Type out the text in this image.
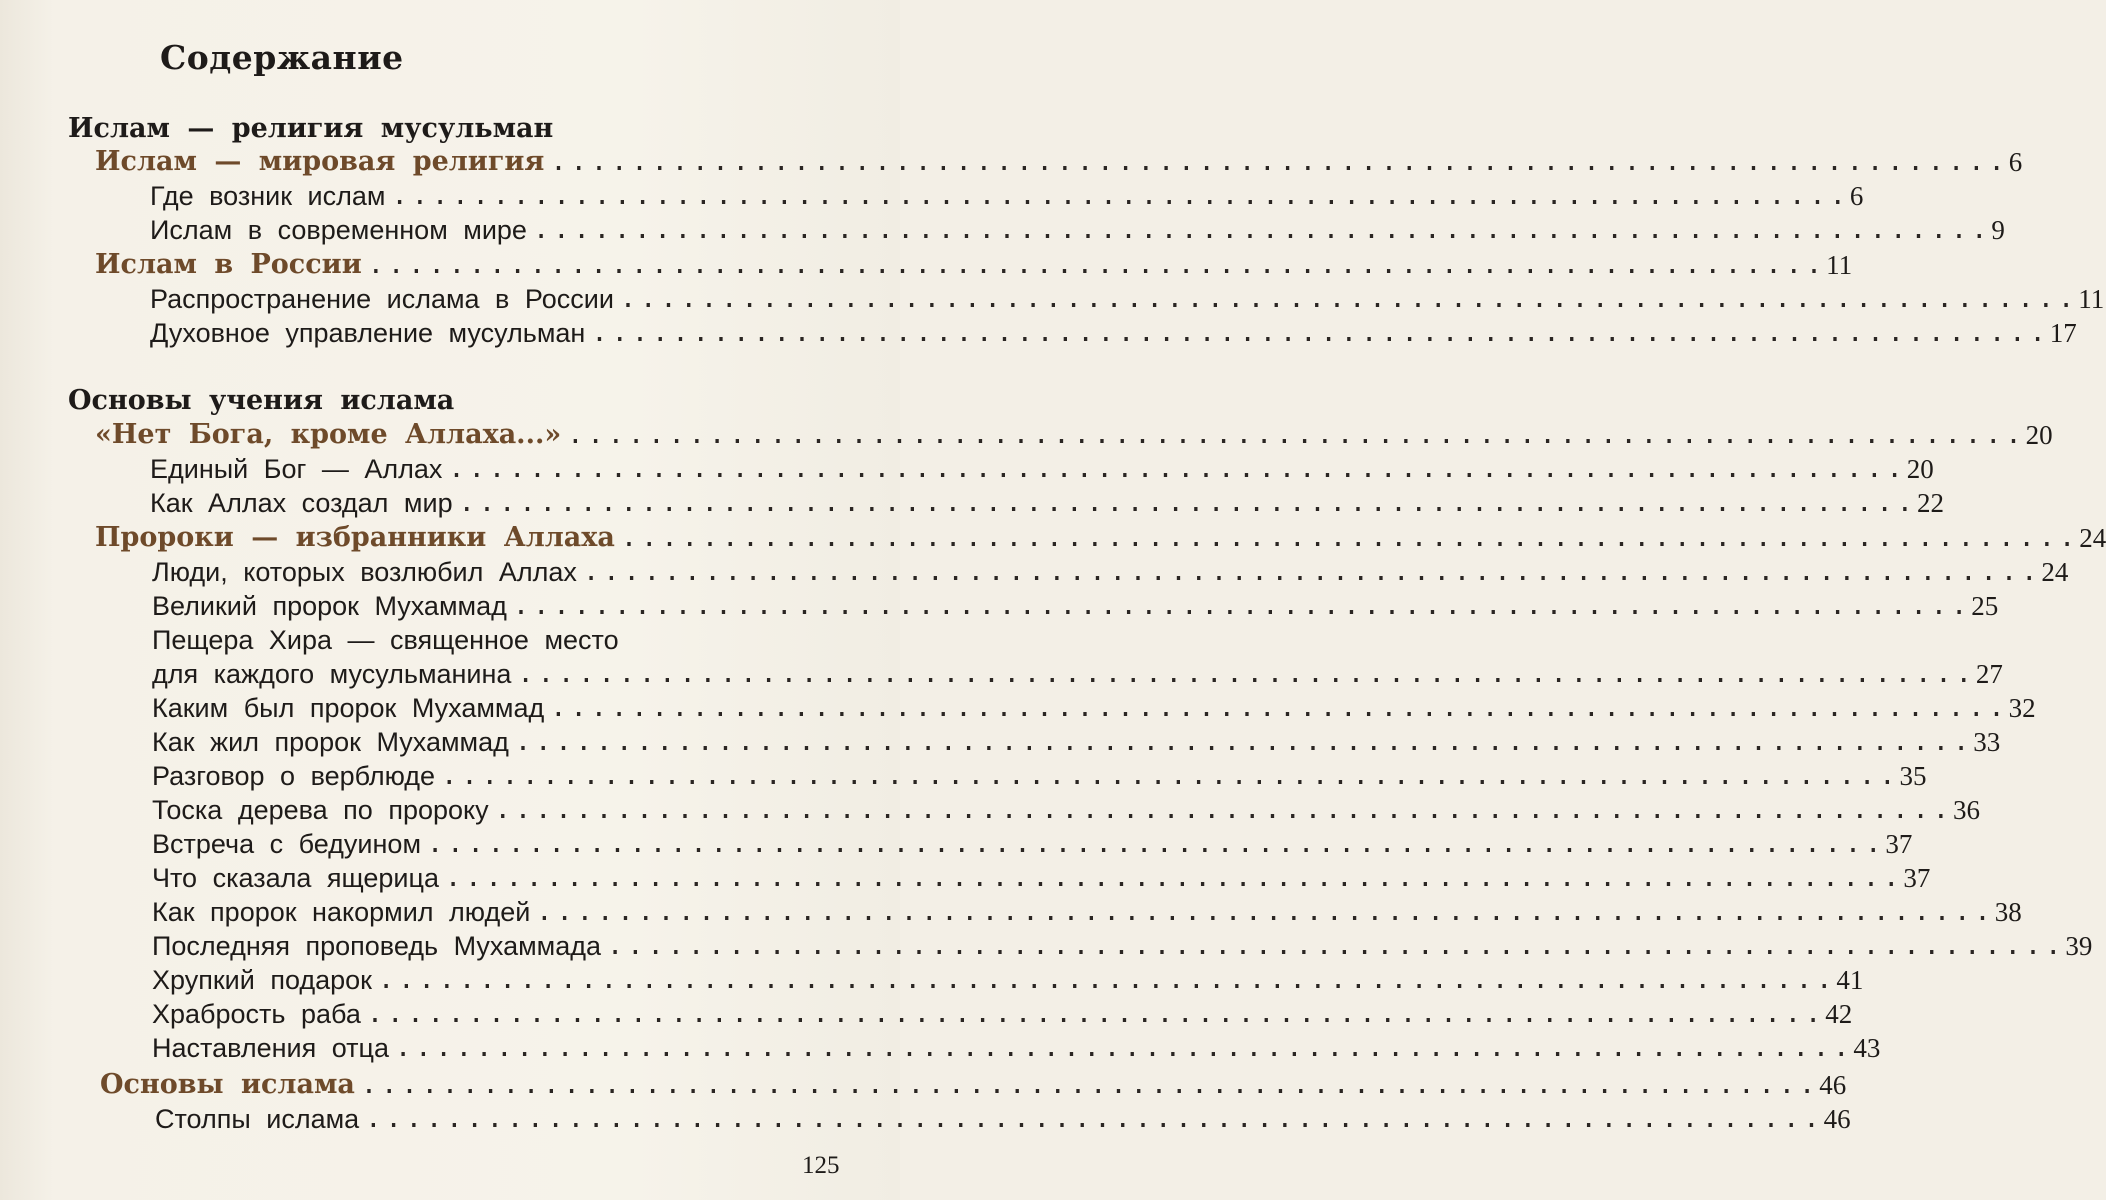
Содержание
Ислам — религия мусульман
Ислам — мировая религия ........................................................................ 6
Где возник ислам ........................................................................ 6
Ислам в современном мире ........................................................................ 9
Ислам в России ........................................................................ 11
Распространение ислама в России ........................................................................ 11
Духовное управление мусульман ........................................................................ 17
Основы учения ислама
«Нет Бога, кроме Аллаха...» ........................................................................ 20
Единый Бог — Аллах ........................................................................ 20
Как Аллах создал мир ........................................................................ 22
Пророки — избранники Аллаха ........................................................................ 24
Люди, которых возлюбил Аллах ........................................................................ 24
Великий пророк Мухаммад ........................................................................ 25
Пещера Хира — священное место
для каждого мусульманина ........................................................................ 27
Каким был пророк Мухаммад ........................................................................ 32
Как жил пророк Мухаммад ........................................................................ 33
Разговор о верблюде ........................................................................ 35
Тоска дерева по пророку ........................................................................ 36
Встреча с бедуином ........................................................................ 37
Что сказала ящерица ........................................................................ 37
Как пророк накормил людей ........................................................................ 38
Последняя проповедь Мухаммада ........................................................................ 39
Хрупкий подарок ........................................................................ 41
Храбрость раба ........................................................................ 42
Наставления отца ........................................................................ 43
Основы ислама ........................................................................ 46
Столпы ислама ........................................................................ 46
125
